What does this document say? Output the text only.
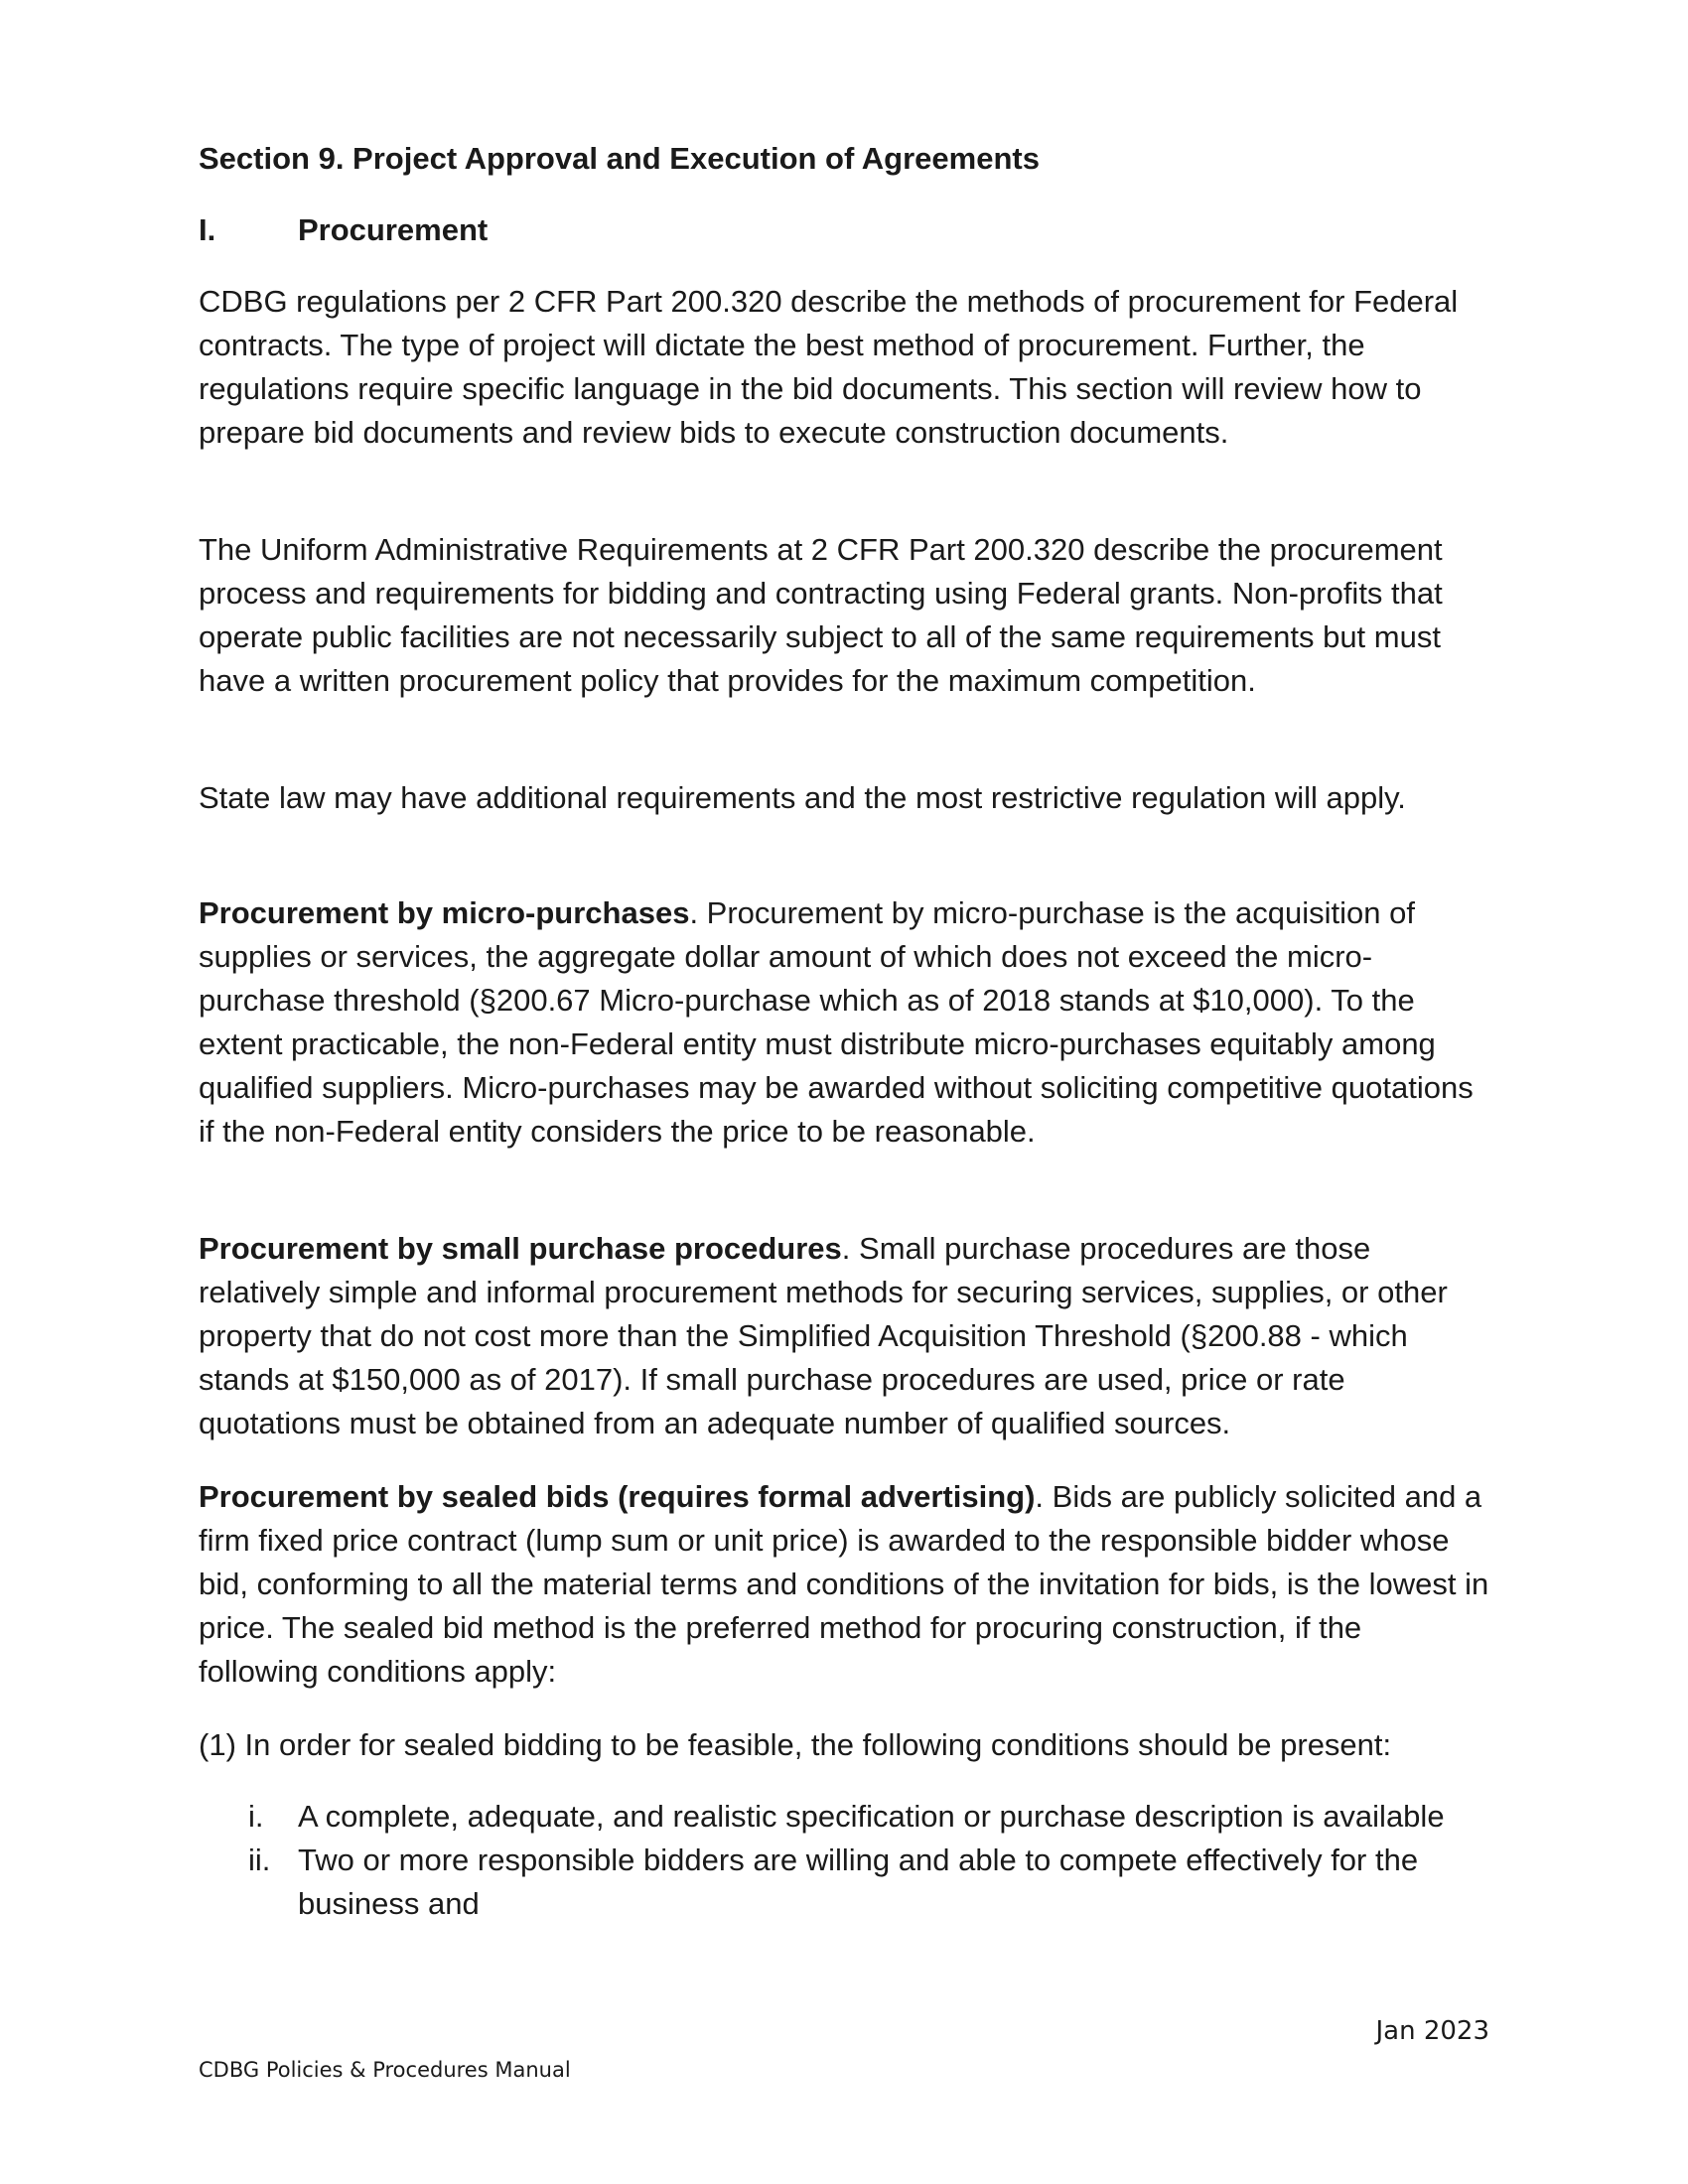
Section 9. Project Approval and Execution of Agreements
I.	Procurement

CDBG regulations per 2 CFR Part 200.320 describe the methods of procurement for Federal contracts. The type of project will dictate the best method of procurement. Further, the regulations require specific language in the bid documents. This section will review how to prepare bid documents and review bids to execute construction documents.

The Uniform Administrative Requirements at 2 CFR Part 200.320 describe the procurement process and requirements for bidding and contracting using Federal grants. Non-profits that operate public facilities are not necessarily subject to all of the same requirements but must have a written procurement policy that provides for the maximum competition.

State law may have additional requirements and the most restrictive regulation will apply.

Procurement by micro-purchases. Procurement by micro-purchase is the acquisition of supplies or services, the aggregate dollar amount of which does not exceed the micro-purchase threshold (§200.67 Micro-purchase which as of 2018 stands at $10,000). To the extent practicable, the non-Federal entity must distribute micro-purchases equitably among qualified suppliers. Micro-purchases may be awarded without soliciting competitive quotations if the non-Federal entity considers the price to be reasonable.

Procurement by small purchase procedures. Small purchase procedures are those relatively simple and informal procurement methods for securing services, supplies, or other property that do not cost more than the Simplified Acquisition Threshold (§200.88 - which stands at $150,000 as of 2017). If small purchase procedures are used, price or rate quotations must be obtained from an adequate number of qualified sources.

Procurement by sealed bids (requires formal advertising). Bids are publicly solicited and a firm fixed price contract (lump sum or unit price) is awarded to the responsible bidder whose bid, conforming to all the material terms and conditions of the invitation for bids, is the lowest in price. The sealed bid method is the preferred method for procuring construction, if the following conditions apply:

(1) In order for sealed bidding to be feasible, the following conditions should be present:

i.	A complete, adequate, and realistic specification or purchase description is available
ii. Two or more responsible bidders are willing and able to compete effectively for the business and
Jan 2023
CDBG Policies & Procedures Manual
